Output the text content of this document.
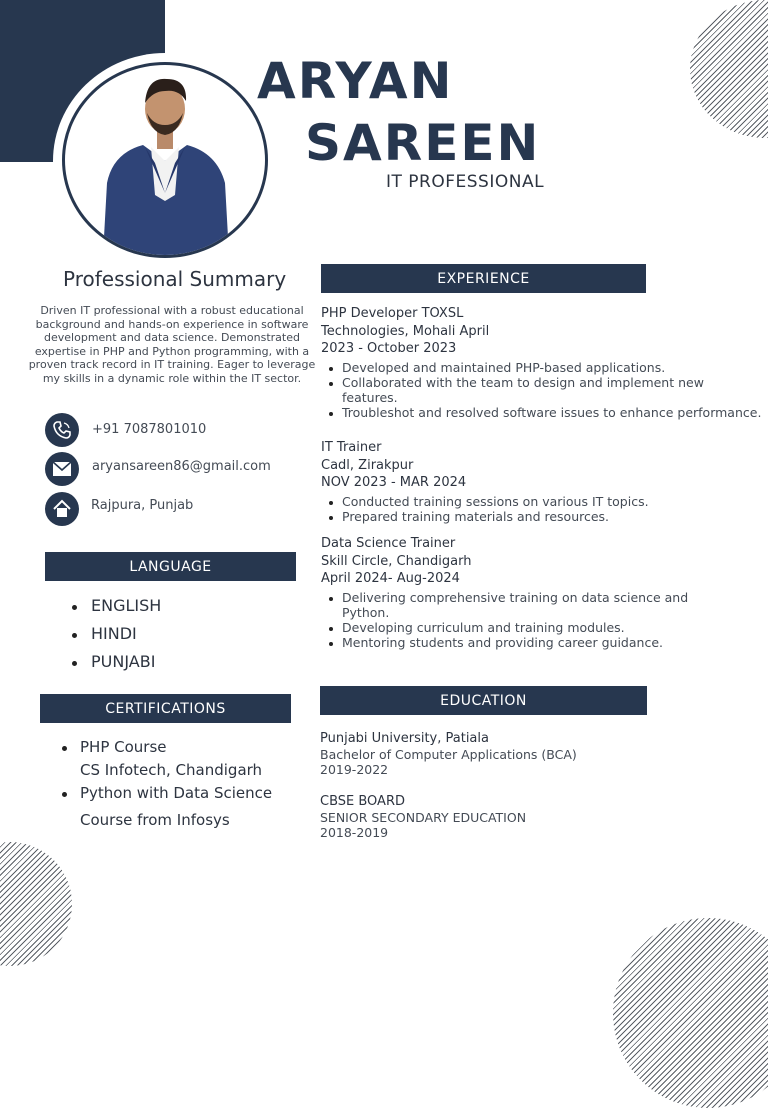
ARYAN
SAREEN
IT PROFESSIONAL
Professional Summary
Driven IT professional with a robust educational background and hands-on experience in software development and data science. Demonstrated expertise in PHP and Python programming, with a proven track record in IT training. Eager to leverage my skills in a dynamic role within the IT sector.
+91 7087801010
aryansareen86@gmail.com
Rajpura, Punjab
LANGUAGE
ENGLISH
HINDI
PUNJABI
CERTIFICATIONS
PHP Course
CS Infotech, Chandigarh
Python with Data Science
Course from Infosys
EXPERIENCE
PHP Developer TOXSL
Technologies, Mohali April
2023 - October 2023
Developed and maintained PHP-based applications.
Collaborated with the team to design and implement new features.
Troubleshot and resolved software issues to enhance performance.
IT Trainer
Cadl, Zirakpur
NOV 2023 - MAR 2024
Conducted training sessions on various IT topics.
Prepared training materials and resources.
Data Science Trainer
Skill Circle, Chandigarh
April 2024- Aug-2024
Delivering comprehensive training on data science and Python.
Developing curriculum and training modules.
Mentoring students and providing career guidance.
EDUCATION
Punjabi University, Patiala
Bachelor of Computer Applications (BCA)
2019-2022
CBSE BOARD
SENIOR SECONDARY EDUCATION
2018-2019
